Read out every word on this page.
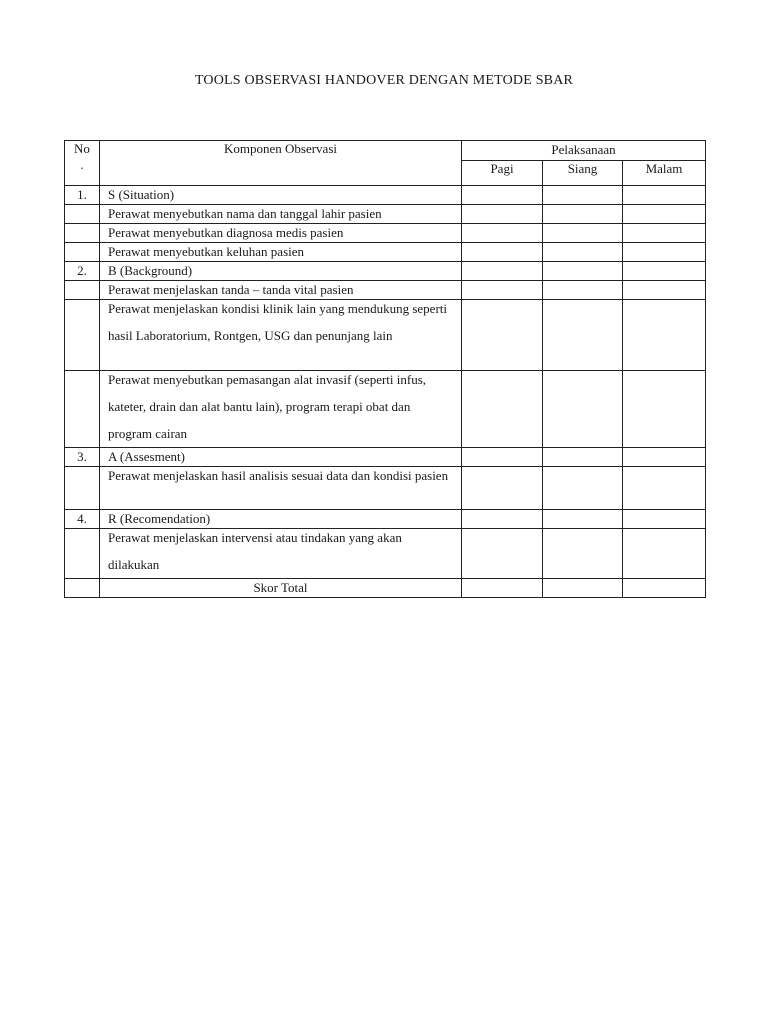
TOOLS OBSERVASI HANDOVER DENGAN METODE SBAR
No .	Komponen Observasi	Pelaksanaan		
		Pagi	Siang	Malam
1.	S (Situation)			
	Perawat menyebutkan nama dan tanggal lahir pasien			
	Perawat menyebutkan diagnosa medis pasien			
	Perawat menyebutkan keluhan pasien			
2.	B (Background)			
	Perawat menjelaskan tanda – tanda vital pasien			

	Perawat menjelaskan kondisi klinik lain yang mendukung seperti hasil Laboratorium, Rontgen, USG dan penunjang lain			

	Perawat menyebutkan pemasangan alat invasif (seperti infus, kateter, drain dan alat bantu lain), program terapi obat dan program cairan			

3.	A (Assesment)			

	Perawat menjelaskan hasil analisis sesuai data dan kondisi pasien			

4.	R (Recomendation)			

	Perawat menjelaskan intervensi atau tindakan yang akan dilakukan			

	Skor Total			
